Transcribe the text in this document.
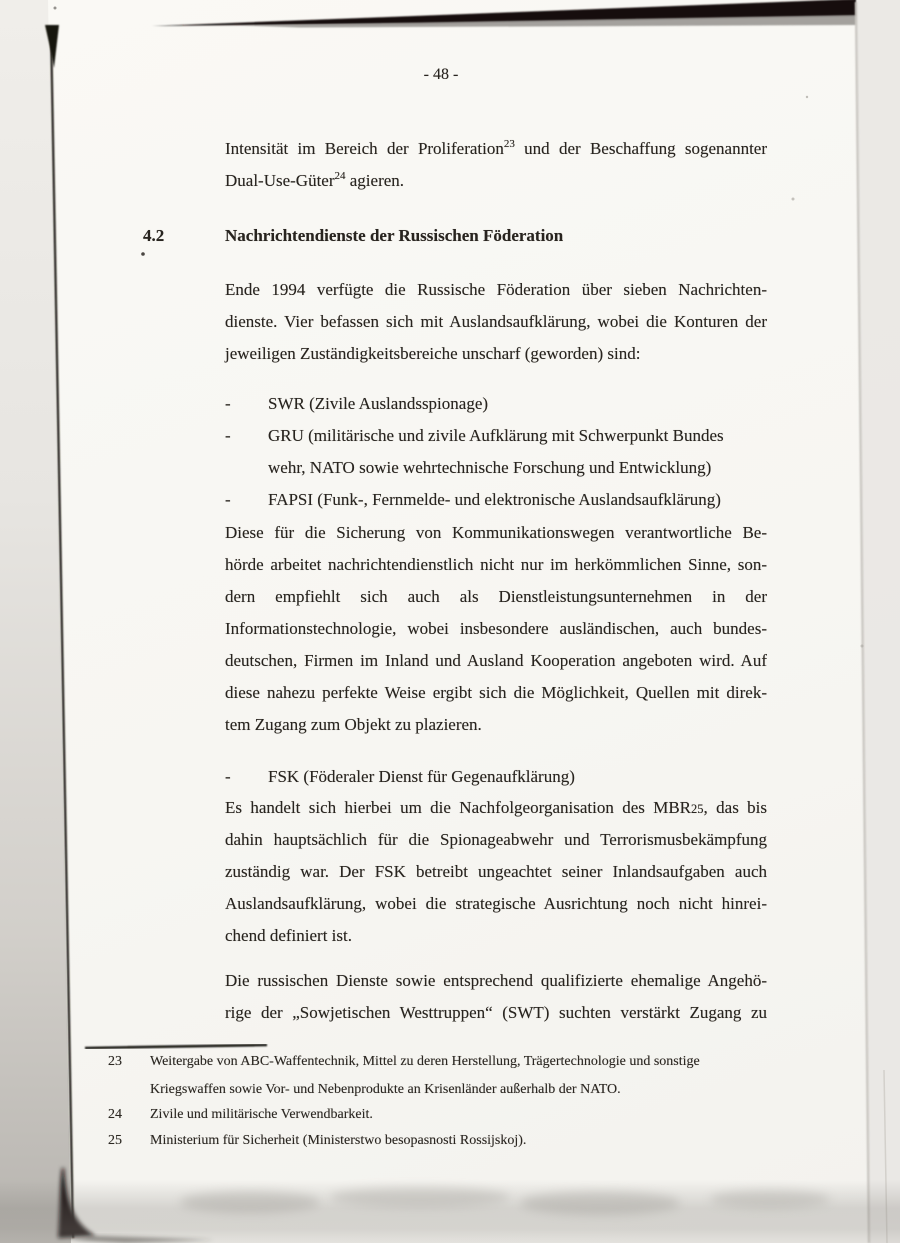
- 48 -
Intensität im Bereich der Proliferation$^{23}$ und der Beschaffung sogenannter
Dual-Use-Güter$^{24}$ agieren.
4.2	Nachrichtendienste der Russischen Föderation
Ende 1994 verfügte die Russische Föderation über sieben Nachrichten-
dienste. Vier befassen sich mit Auslandsaufklärung, wobei die Konturen der
jeweiligen Zuständigkeitsbereiche unscharf (geworden) sind:
- SWR (Zivile Auslandsspionage)
- GRU (militärische und zivile Aufklärung mit Schwerpunkt Bundes
wehr, NATO sowie wehrtechnische Forschung und Entwicklung)
- FAPSI (Funk-, Fernmelde- und elektronische Auslandsaufklärung)
Diese für die Sicherung von Kommunikationswegen verantwortliche Be-
hörde arbeitet nachrichtendienstlich nicht nur im herkömmlichen Sinne, son-
dern empfiehlt sich auch als Dienstleistungsunternehmen in der
Informationstechnologie, wobei insbesondere ausländischen, auch bundes-
deutschen, Firmen im Inland und Ausland Kooperation angeboten wird. Auf
diese nahezu perfekte Weise ergibt sich die Möglichkeit, Quellen mit direk-
tem Zugang zum Objekt zu plazieren.
- FSK (Föderaler Dienst für Gegenaufklärung)
Es handelt sich hierbei um die Nachfolgeorganisation des MBR25, das bis
dahin hauptsächlich für die Spionageabwehr und Terrorismusbekämpfung
zuständig war. Der FSK betreibt ungeachtet seiner Inlandsaufgaben auch
Auslandsaufklärung, wobei die strategische Ausrichtung noch nicht hinrei-
chend definiert ist.
Die russischen Dienste sowie entsprechend qualifizierte ehemalige Angehö-
rige der „Sowjetischen Westtruppen“ (SWT) suchten verstärkt Zugang zu
23 Weitergabe von ABC-Waffentechnik, Mittel zu deren Herstellung, Trägertechnologie und sonstige
Kriegswaffen sowie Vor- und Nebenprodukte an Krisenländer außerhalb der NATO.
24 Zivile und militärische Verwendbarkeit.
25 Ministerium für Sicherheit (Ministerstwo besopasnosti Rossijskoj).
